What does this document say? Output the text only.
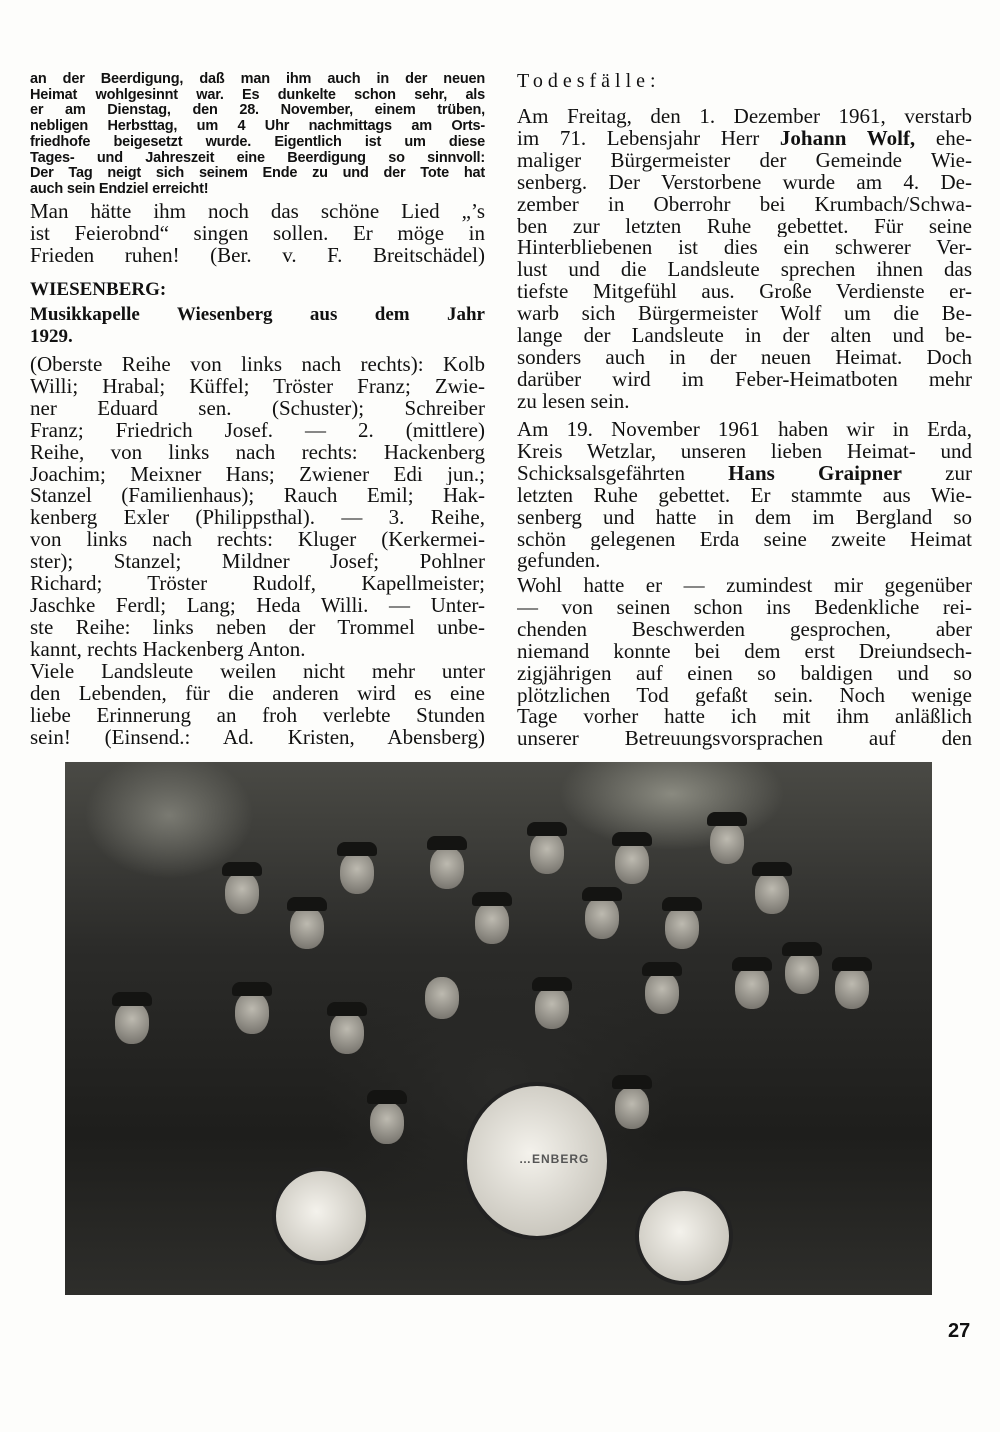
an der Beerdigung, daß man ihm auch in der neuen
Heimat wohlgesinnt war. Es dunkelte schon sehr, als
er am Dienstag, den 28. November, einem trüben,
nebligen Herbsttag, um 4 Uhr nachmittags am Orts-
friedhofe beigesetzt wurde. Eigentlich ist um diese
Tages- und Jahreszeit eine Beerdigung so sinnvoll:
Der Tag neigt sich seinem Ende zu und der Tote hat
auch sein Endziel erreicht!
Man hätte ihm noch das schöne Lied „’s
ist Feierobnd“ singen sollen. Er möge in
Frieden ruhen! (Ber. v. F. Breitschädel)
WIESENBERG:
Musikkapelle Wiesenberg aus dem Jahr
1929.
(Oberste Reihe von links nach rechts): Kolb
Willi; Hrabal; Küffel; Tröster Franz; Zwie-
ner Eduard sen. (Schuster); Schreiber
Franz; Friedrich Josef. — 2. (mittlere)
Reihe, von links nach rechts: Hackenberg
Joachim; Meixner Hans; Zwiener Edi jun.;
Stanzel (Familienhaus); Rauch Emil; Hak-
kenberg Exler (Philippsthal). — 3. Reihe,
von links nach rechts: Kluger (Kerkermei-
ster); Stanzel; Mildner Josef; Pohlner
Richard; Tröster Rudolf, Kapellmeister;
Jaschke Ferdl; Lang; Heda Willi. — Unter-
ste Reihe: links neben der Trommel unbe-
kannt, rechts Hackenberg Anton.
Viele Landsleute weilen nicht mehr unter
den Lebenden, für die anderen wird es eine
liebe Erinnerung an froh verlebte Stunden
sein! (Einsend.: Ad. Kristen, Abensberg)
Todesfälle:
Am Freitag, den 1. Dezember 1961, verstarb
im 71. Lebensjahr Herr Johann Wolf, ehe-
maliger Bürgermeister der Gemeinde Wie-
senberg. Der Verstorbene wurde am 4. De-
zember in Oberrohr bei Krumbach/Schwa-
ben zur letzten Ruhe gebettet. Für seine
Hinterbliebenen ist dies ein schwerer Ver-
lust und die Landsleute sprechen ihnen das
tiefste Mitgefühl aus. Große Verdienste er-
warb sich Bürgermeister Wolf um die Be-
lange der Landsleute in der alten und be-
sonders auch in der neuen Heimat. Doch
darüber wird im Feber-Heimatboten mehr
zu lesen sein.
Am 19. November 1961 haben wir in Erda,
Kreis Wetzlar, unseren lieben Heimat- und
Schicksalsgefährten Hans Graipner zur
letzten Ruhe gebettet. Er stammte aus Wie-
senberg und hatte in dem im Bergland so
schön gelegenen Erda seine zweite Heimat
gefunden.
Wohl hatte er — zumindest mir gegenüber
— von seinen schon ins Bedenkliche rei-
chenden Beschwerden gesprochen, aber
niemand konnte bei dem erst Dreiundsech-
zigjährigen auf einen so baldigen und so
plötzlichen Tod gefaßt sein. Noch wenige
Tage vorher hatte ich mit ihm anläßlich
unserer Betreuungsvorsprachen auf den
…ENBERG
27
